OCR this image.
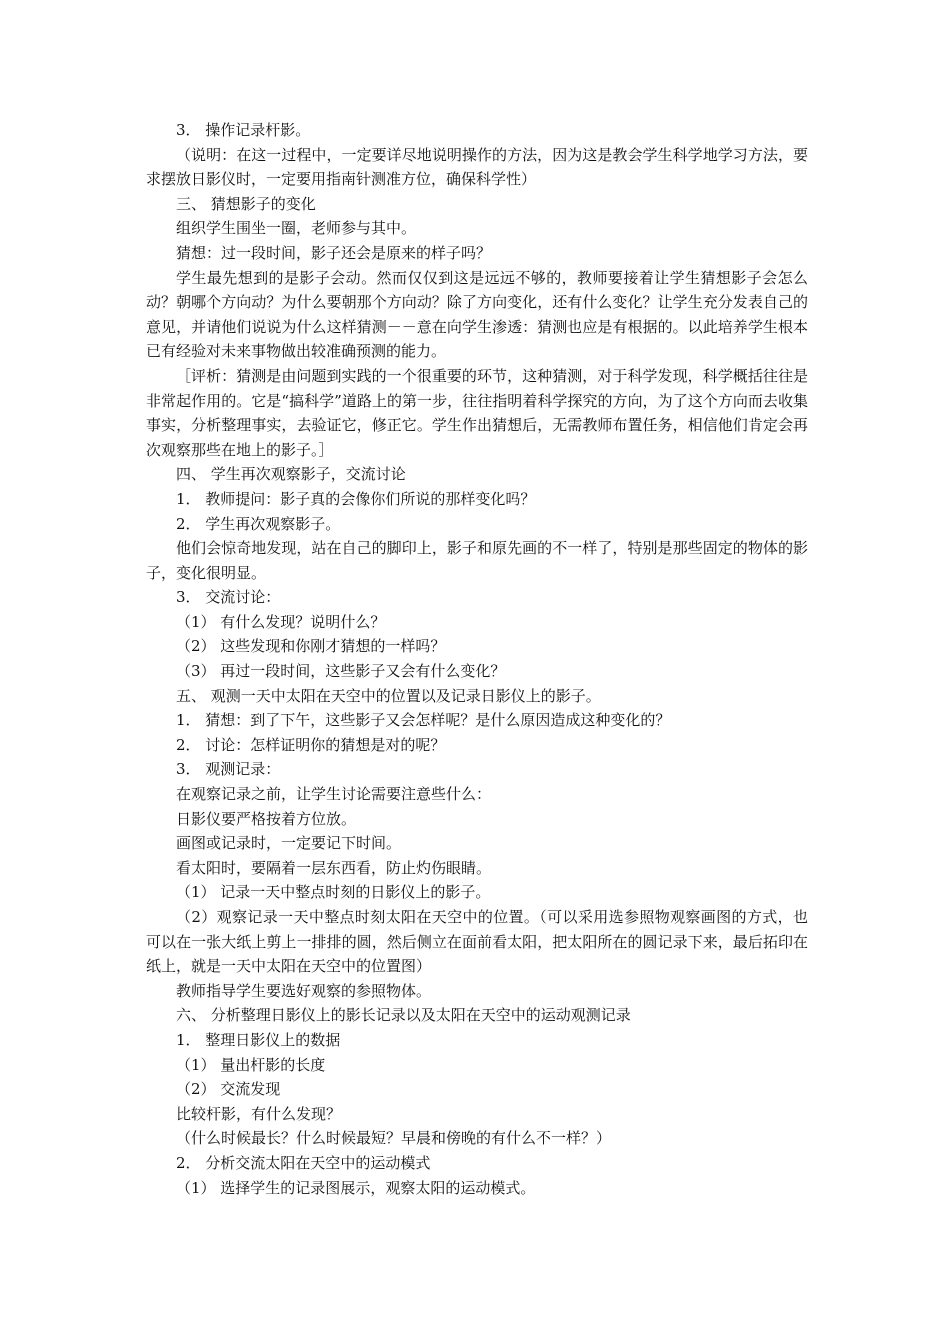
3． 操作记录杆影。

（说明：在这一过程中，一定要详尽地说明操作的方法，因为这是教会学生科学地学习方法，要求摆放日影仪时，一定要用指南针测准方位，确保科学性）

三、 猜想影子的变化

组织学生围坐一圈，老师参与其中。

猜想：过一段时间，影子还会是原来的样子吗？

学生最先想到的是影子会动。然而仅仅到这是远远不够的，教师要接着让学生猜想影子会怎么动？朝哪个方向动？为什么要朝那个方向动？除了方向变化，还有什么变化？让学生充分发表自己的意见，并请他们说说为什么这样猜测－－意在向学生渗透：猜测也应是有根据的。以此培养学生根本已有经验对未来事物做出较准确预测的能力。

［评析：猜测是由问题到实践的一个很重要的环节，这种猜测，对于科学发现，科学概括往往是非常起作用的。它是“搞科学”道路上的第一步，往往指明着科学探究的方向，为了这个方向而去收集事实，分析整理事实，去验证它，修正它。学生作出猜想后，无需教师布置任务，相信他们肯定会再次观察那些在地上的影子。］

四、 学生再次观察影子，交流讨论

1． 教师提问：影子真的会像你们所说的那样变化吗？

2． 学生再次观察影子。

他们会惊奇地发现，站在自己的脚印上，影子和原先画的不一样了，特别是那些固定的物体的影子，变化很明显。

3． 交流讨论：

（1） 有什么发现？说明什么？

（2） 这些发现和你刚才猜想的一样吗？

（3） 再过一段时间，这些影子又会有什么变化？

五、 观测一天中太阳在天空中的位置以及记录日影仪上的影子。

1． 猜想：到了下午，这些影子又会怎样呢？是什么原因造成这种变化的？

2． 讨论：怎样证明你的猜想是对的呢？

3． 观测记录：

在观察记录之前，让学生讨论需要注意些什么：

日影仪要严格按着方位放。

画图或记录时，一定要记下时间。

看太阳时，要隔着一层东西看，防止灼伤眼睛。

（1） 记录一天中整点时刻的日影仪上的影子。

（2）观察记录一天中整点时刻太阳在天空中的位置。（可以采用选参照物观察画图的方式，也可以在一张大纸上剪上一排排的圆，然后侧立在面前看太阳，把太阳所在的圆记录下来，最后拓印在纸上，就是一天中太阳在天空中的位置图）

教师指导学生要选好观察的参照物体。

六、 分析整理日影仪上的影长记录以及太阳在天空中的运动观测记录

1． 整理日影仪上的数据

（1） 量出杆影的长度

（2） 交流发现

比较杆影，有什么发现？

（什么时候最长？什么时候最短？早晨和傍晚的有什么不一样？）

2． 分析交流太阳在天空中的运动模式

（1） 选择学生的记录图展示，观察太阳的运动模式。
